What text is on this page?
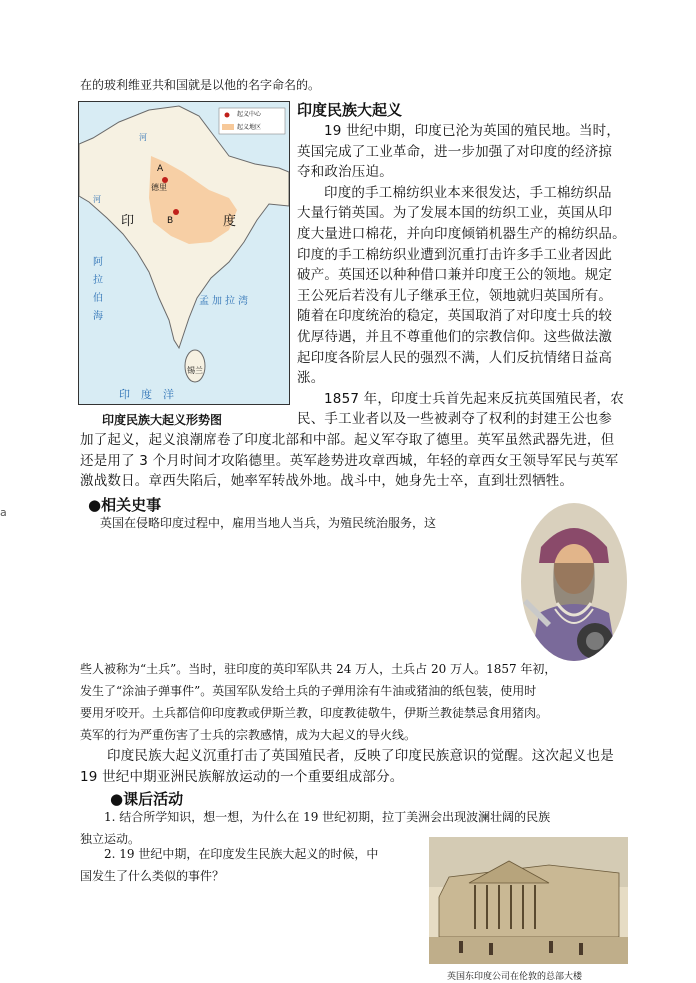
在的玻利维亚共和国就是以他的名字命名的。
起义中心
起义地区
A
德里
B
印	度
河
河
阿拉伯海
孟加拉湾
锡兰
印　度　洋
印度民族大起义形势图
印度民族大起义
19 世纪中期，印度已沦为英国的殖民地。当时，
英国完成了工业革命，进一步加强了对印度的经济掠
夺和政治压迫。
印度的手工棉纺织业本来很发达，手工棉纺织品
大量行销英国。为了发展本国的纺织工业，英国从印
度大量进口棉花，并向印度倾销机器生产的棉纺织品。
印度的手工棉纺织业遭到沉重打击许多手工业者因此
破产。英国还以种种借口兼并印度王公的领地。规定
王公死后若没有儿子继承王位，领地就归英国所有。
随着在印度统治的稳定，英国取消了对印度士兵的较
优厚待遇，并且不尊重他们的宗教信仰。这些做法激
起印度各阶层人民的强烈不满，人们反抗情绪日益高
涨。
1857 年，印度士兵首先起来反抗英国殖民者，农
民、手工业者以及一些被剥夺了权利的封建王公也参
加了起义，起义浪潮席卷了印度北部和中部。起义军夺取了德里。英军虽然武器先进，但
还是用了 3 个月时间才攻陷德里。英军趁势进攻章西城，年轻的章西女王领导军民与英军
激战数日。章西失陷后，她率军转战外地。战斗中，她身先士卒，直到壮烈牺牲。
a	●相关史事
英国在侵略印度过程中，雇用当地人当兵，为殖民统治服务，这
些人被称为“土兵”。当时，驻印度的英印军队共 24 万人，土兵占 20 万人。1857 年初，
发生了“涂油子弹事件”。英国军队发给土兵的子弹用涂有牛油或猪油的纸包装，使用时
要用牙咬开。土兵都信仰印度教或伊斯兰教，印度教徒敬牛，伊斯兰教徒禁忌食用猪肉。
英军的行为严重伤害了士兵的宗教感情，成为大起义的导火线。
印度民族大起义沉重打击了英国殖民者，反映了印度民族意识的觉醒。这次起义也是
19 世纪中期亚洲民族解放运动的一个重要组成部分。
●课后活动
1. 结合所学知识，想一想，为什么在 19 世纪初期，拉丁美洲会出现波澜壮阔的民族
独立运动。
2. 19 世纪中期，在印度发生民族大起义的时候，中
国发生了什么类似的事件？
英国东印度公司在伦敦的总部大楼
